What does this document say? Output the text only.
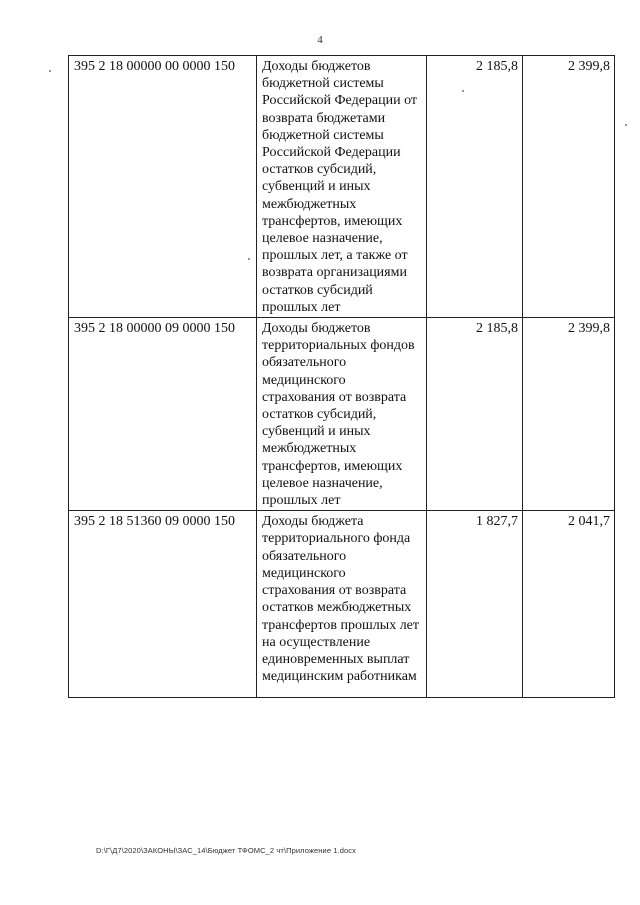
4
395 2 18 00000 00 0000 150	Доходы бюджетов бюджетной системы Российской Федерации от возврата бюджетами бюджетной системы Российской Федерации остатков субсидий, субвенций и иных межбюджетных трансфертов, имеющих целевое назначение, прошлых лет, а также от возврата организациями остатков субсидий прошлых лет	2 185,8	2 399,8
395 2 18 00000 09 0000 150	Доходы бюджетов территориальных фондов обязательного медицинского страхования от возврата остатков субсидий, субвенций и иных межбюджетных трансфертов, имеющих целевое назначение, прошлых лет	2 185,8	2 399,8
395 2 18 51360 09 0000 150	Доходы бюджета территориального фонда обязательного медицинского страхования от возврата остатков межбюджетных трансфертов прошлых лет на осуществление единовременных выплат медицинским работникам	1 827,7	2 041,7
D:\Г\Д7\2020\ЗАКОНЫ\ЗАС_14\Бюджет ТФОМС_2 чт\Приложение 1.docx
